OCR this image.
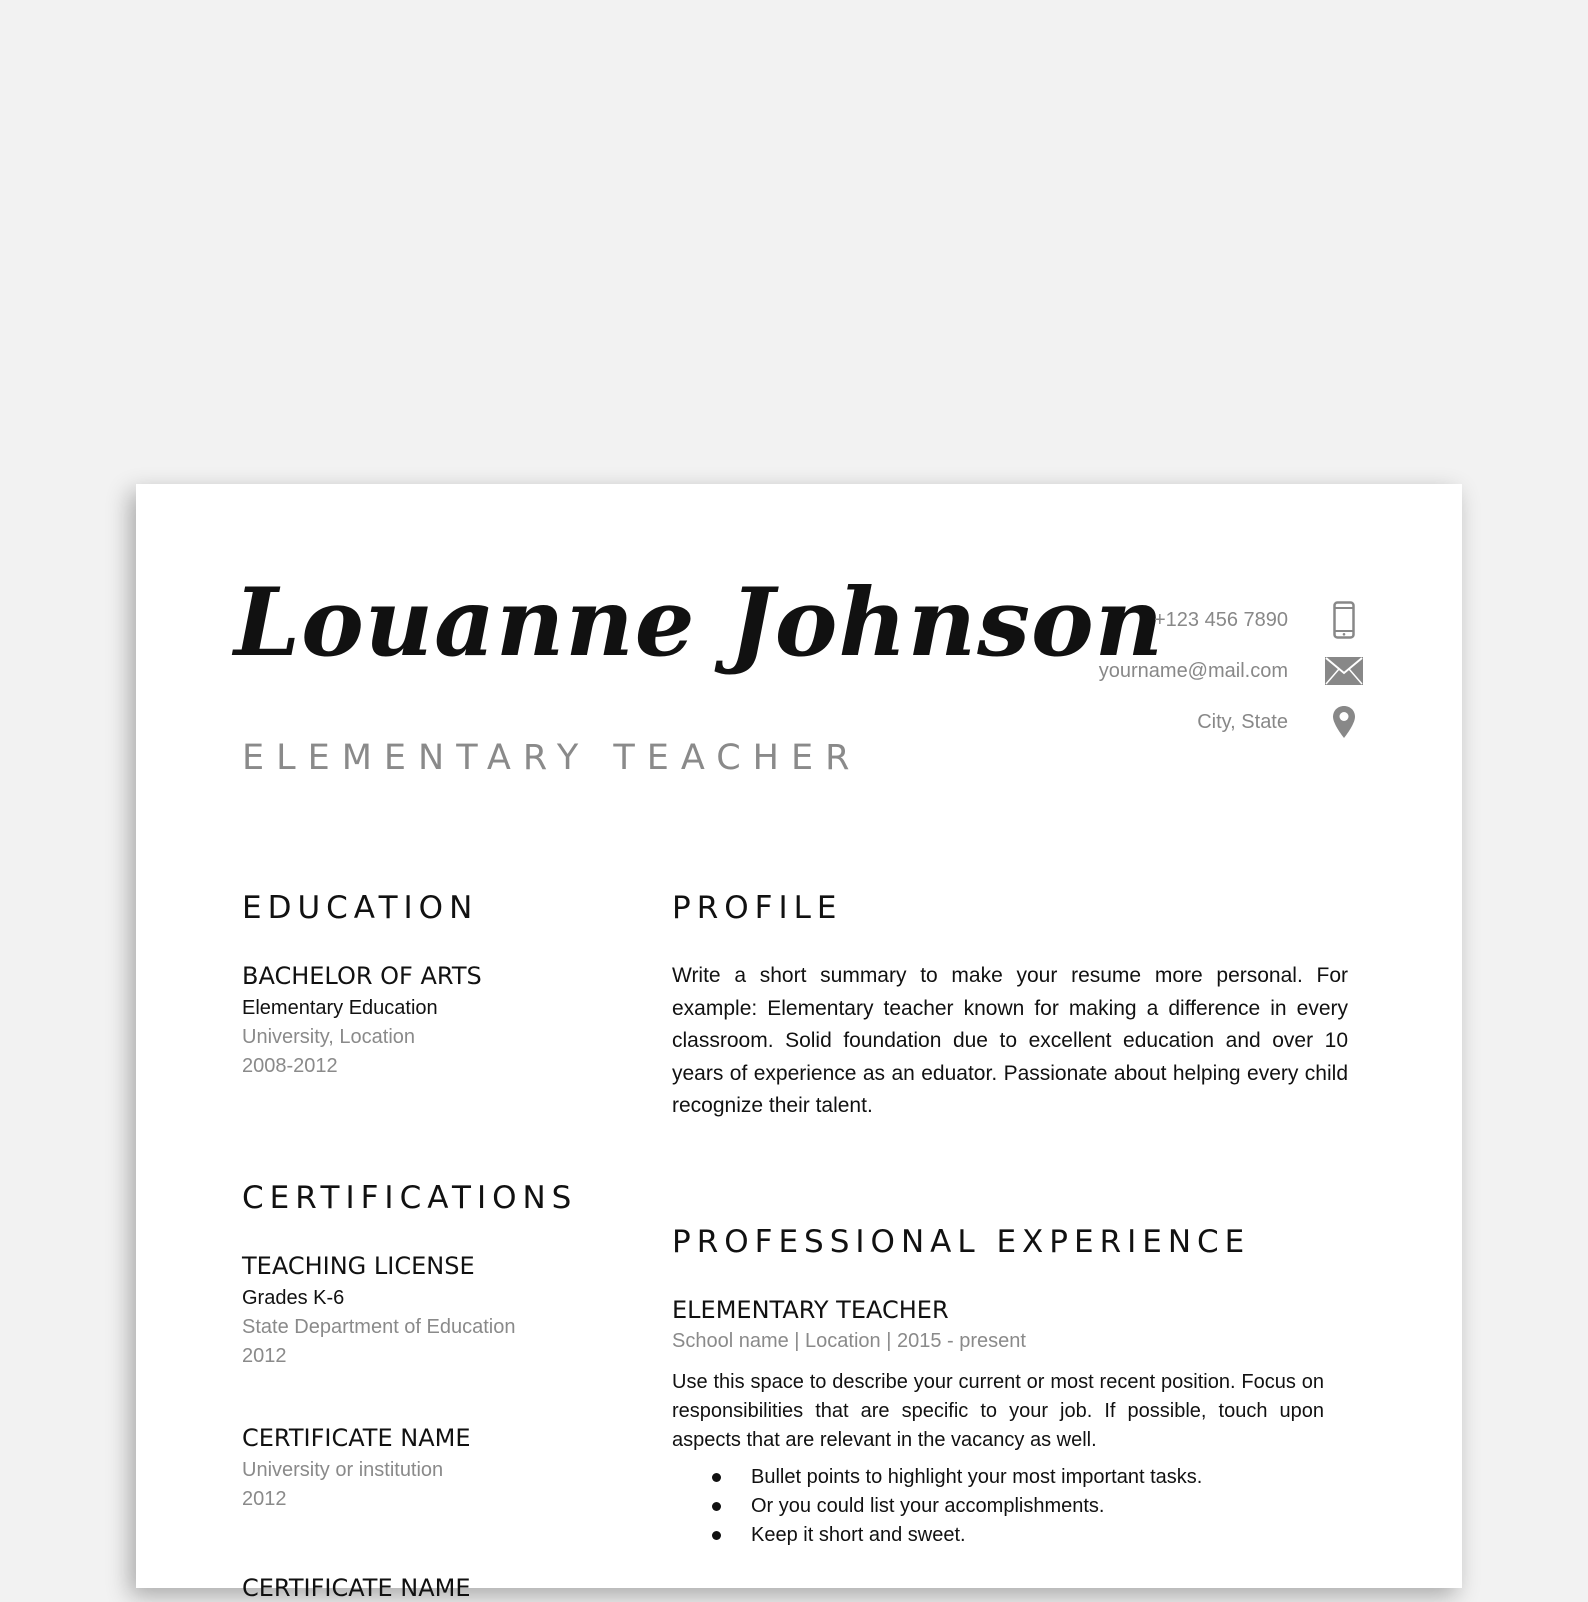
Louanne Johnson
ELEMENTARY TEACHER
+123 456 7890
yourname@mail.com
City, State
EDUCATION
BACHELOR OF ARTS
Elementary Education
University, Location
2008-2012
CERTIFICATIONS
TEACHING LICENSE
Grades K-6
State Department of Education
2012
CERTIFICATE NAME
University or institution
2012
CERTIFICATE NAME
PROFILE
Write a short summary to make your resume more personal. For example: Elementary teacher known for making a difference in every classroom. Solid foundation due to excellent education and over 10 years of experience as an eduator. Passionate about helping every child recognize their talent.
PROFESSIONAL EXPERIENCE
ELEMENTARY TEACHER
School name | Location | 2015 - present
Use this space to describe your current or most recent position. Focus on responsibilities that are specific to your job. If possible, touch upon aspects that are relevant in the vacancy as well.
Bullet points to highlight your most important tasks.
Or you could list your accomplishments.
Keep it short and sweet.
